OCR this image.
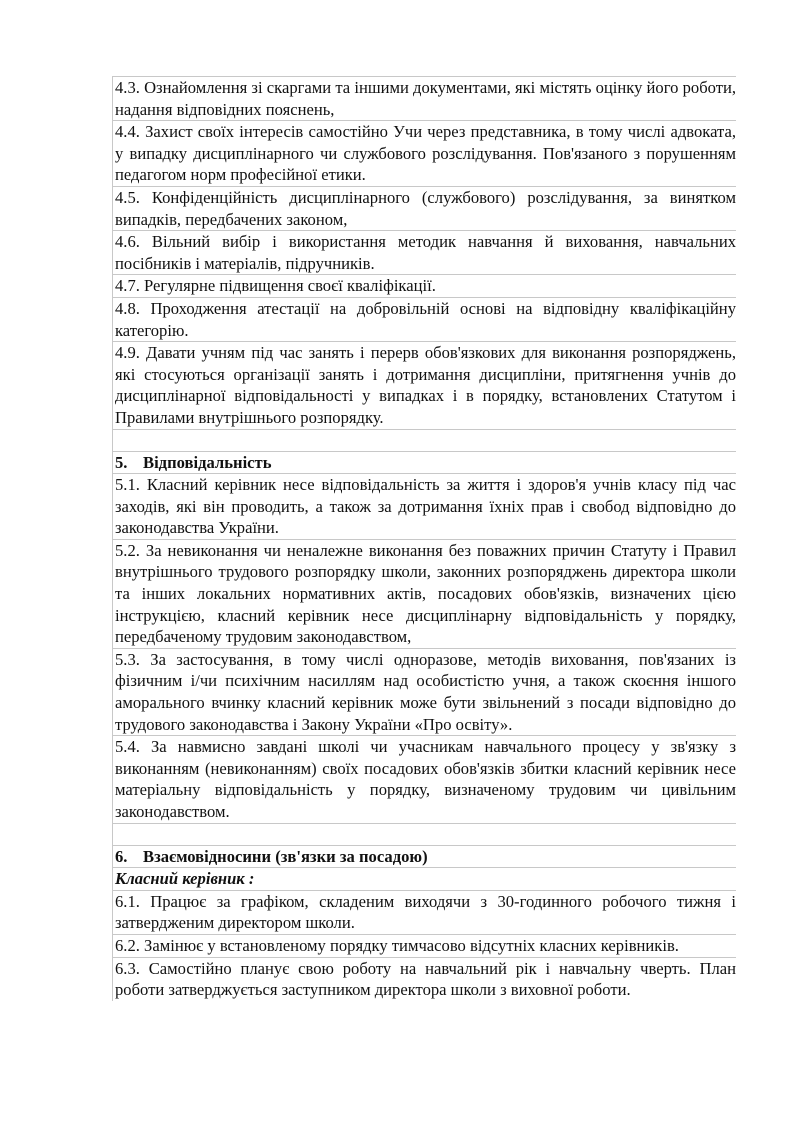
4.3. Ознайомлення зі скаргами та іншими документами, які містять оцінку його роботи, надання відповідних пояснень,

4.4. Захист своїх інтересів самостійно Учи через представника, в тому числі адвоката, у випадку дисциплінарного чи службового розслідування. Пов'язаного з порушенням педагогом норм професійної етики.

4.5. Конфіденційність дисциплінарного (службового) розслідування, за винятком випадків, передбачених законом,

4.6. Вільний вибір і використання методик навчання й виховання, навчальних посібників і матеріалів, підручників.

4.7. Регулярне підвищення своєї кваліфікації.

4.8. Проходження атестації на добровільній основі на відповідну кваліфікаційну категорію.

4.9. Давати учням під час занять і перерв обов'язкових для виконання розпоряджень, які стосуються організації занять і дотримання дисципліни, притягнення учнів до дисциплінарної відповідальності у випадках і в порядку, встановлених Статутом і Правилами внутрішнього розпорядку.

5. Відповідальність

5.1. Класний керівник несе відповідальність за життя і здоров'я учнів класу під час заходів, які він проводить, а також за дотримання їхніх прав і свобод відповідно до законодавства України.

5.2. За невиконання чи неналежне виконання без поважних причин Статуту і Правил внутрішнього трудового розпорядку школи, законних розпоряджень директора школи та інших локальних нормативних актів, посадових обов'язків, визначених цією інструкцією, класний керівник несе дисциплінарну відповідальність у порядку, передбаченому трудовим законодавством,

5.3. За застосування, в тому числі одноразове, методів виховання, пов'язаних із фізичним і/чи психічним насиллям над особистістю учня, а також скоєння іншого аморального вчинку класний керівник може бути звільнений з посади відповідно до трудового законодавства і Закону України «Про освіту».

5.4. За навмисно завдані школі чи учасникам навчального процесу у зв'язку з виконанням (невиконанням) своїх посадових обов'язків збитки класний керівник несе матеріальну відповідальність у порядку, визначеному трудовим чи цивільним законодавством.

6. Взаємовідносини (зв'язки за посадою)

Класний керівник :

6.1. Працює за графіком, складеним виходячи з 30-годинного робочого тижня і затвердженим директором школи.

6.2. Замінює у встановленому порядку тимчасово відсутніх класних керівників.

6.3. Самостійно планує свою роботу на навчальний рік і навчальну чверть. План роботи затверджується заступником директора школи з виховної роботи.
